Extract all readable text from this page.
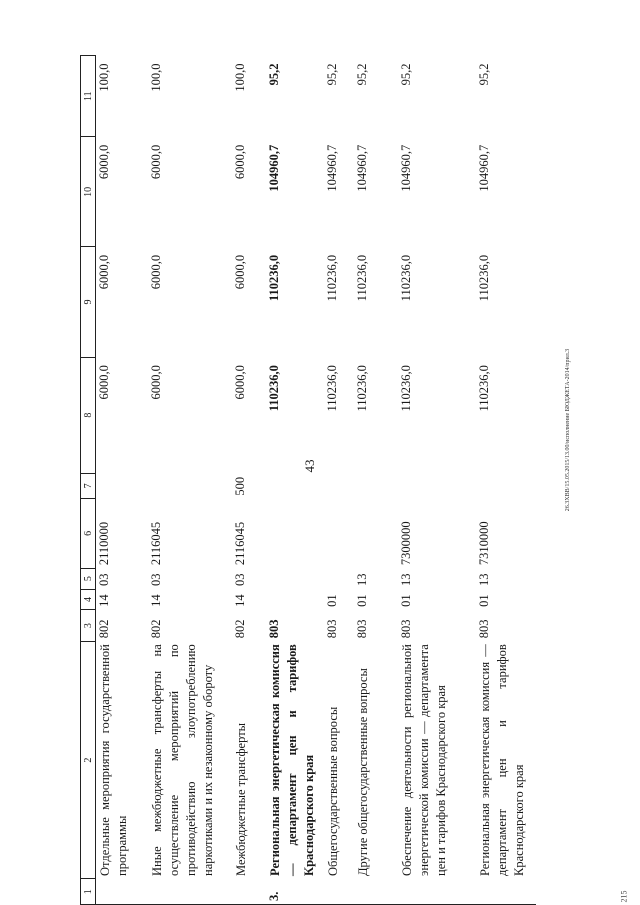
43	26.3ХВВ/15.05.2015/13.00/исполнение БЮДЖЕТА-2014/прил.3
215
1	2	3	4	5	6	7	8	9	10	11
	Отдельные мероприятия государственной программы	802	14	03	2110000		6000,0	6000,0	6000,0	100,0
	Иные межбюджетные трансферты на осуществление мероприятий по противодействию злоупотреблению наркотиками и их незаконному обороту	802	14	03	2116045		6000,0	6000,0	6000,0	100,0
	Межбюджетные трансферты	802	14	03	2116045	500	6000,0	6000,0	6000,0	100,0
3.	Региональная энергетическая комиссия — департамент цен и тарифов Краснодарского края	803					110236,0	110236,0	104960,7	95,2
	Общегосударственные вопросы	803	01				110236,0	110236,0	104960,7	95,2
	Другие общегосударственные вопросы	803	01	13			110236,0	110236,0	104960,7	95,2
	Обеспечение деятельности региональной энергетической комиссии — департамента цен и тарифов Краснодарского края	803	01	13	7300000		110236,0	110236,0	104960,7	95,2
	Региональная энергетическая комиссия — департамент цен и тарифов Краснодарского края	803	01	13	7310000		110236,0	110236,0	104960,7	95,2
